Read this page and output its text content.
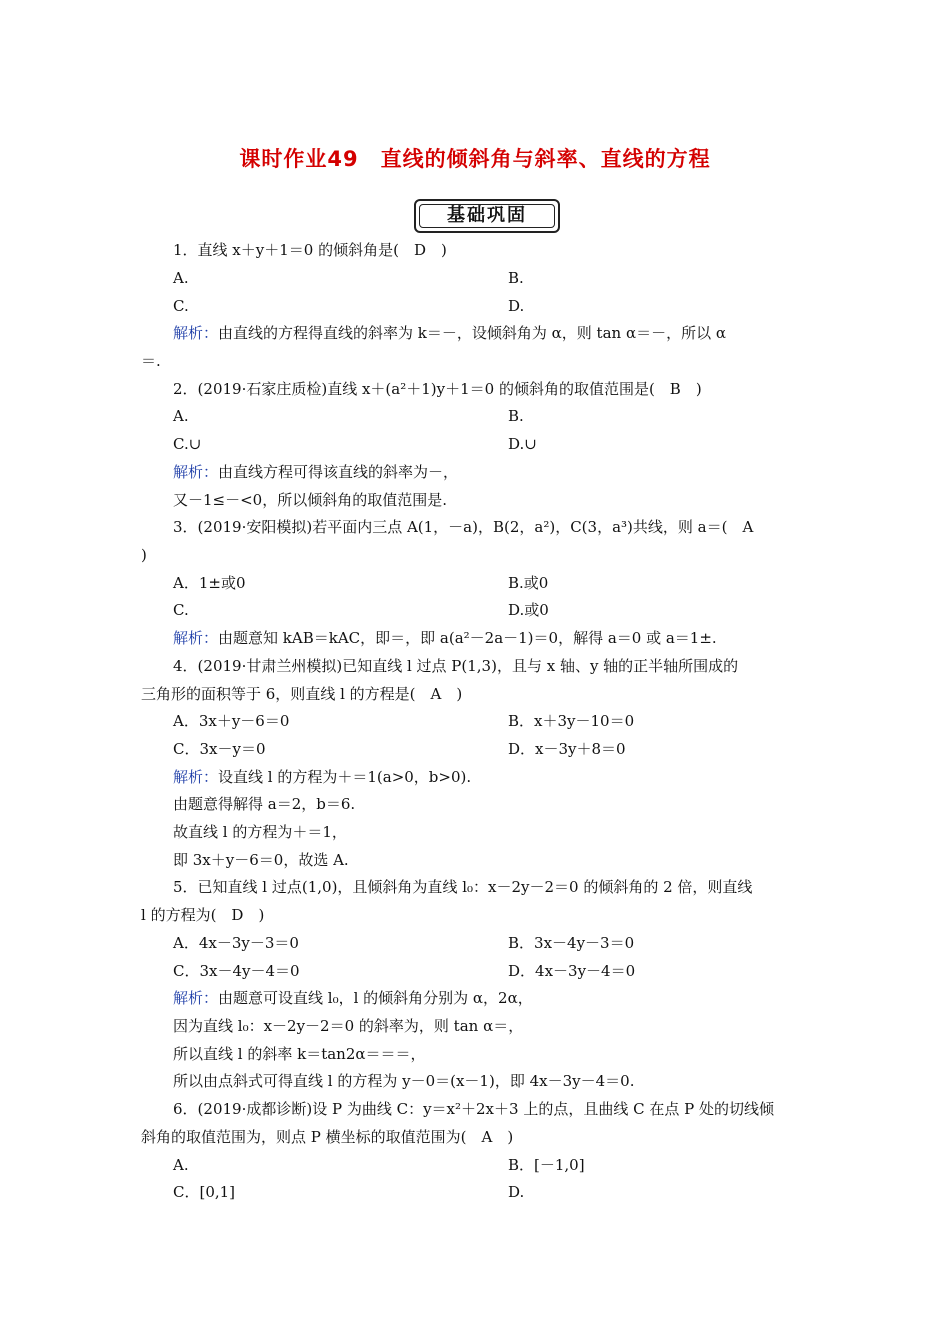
课时作业49　直线的倾斜角与斜率、直线的方程
基础巩固
1．直线 x＋y＋1＝0 的倾斜角是(　D　)
A.	B.
C.	D.
解析：由直线的方程得直线的斜率为 k＝－，设倾斜角为 α，则 tan α＝－，所以 α
＝.
2．(2019·石家庄质检)直线 x＋(a²＋1)y＋1＝0 的倾斜角的取值范围是(　B　)
A.	B.
C.∪	D.∪
解析：由直线方程可得该直线的斜率为－，
又－1≤－<0，所以倾斜角的取值范围是.
3．(2019·安阳模拟)若平面内三点 A(1，－a)，B(2，a²)，C(3，a³)共线，则 a＝(　A
)
A．1±或0	B.或0
C.	D.或0
解析：由题意知 kAB＝kAC，即＝，即 a(a²－2a－1)＝0，解得 a＝0 或 a＝1±.
4．(2019·甘肃兰州模拟)已知直线 l 过点 P(1,3)，且与 x 轴、y 轴的正半轴所围成的
三角形的面积等于 6，则直线 l 的方程是(　A　)
A．3x＋y－6＝0	B．x＋3y－10＝0
C．3x－y＝0	D．x－3y＋8＝0
解析：设直线 l 的方程为＋＝1(a>0，b>0).
由题意得解得 a＝2，b＝6.
故直线 l 的方程为＋＝1，
即 3x＋y－6＝0，故选 A.
5．已知直线 l 过点(1,0)，且倾斜角为直线 l₀：x－2y－2＝0 的倾斜角的 2 倍，则直线
l 的方程为(　D　)
A．4x－3y－3＝0	B．3x－4y－3＝0
C．3x－4y－4＝0	D．4x－3y－4＝0
解析：由题意可设直线 l₀，l 的倾斜角分别为 α，2α，
因为直线 l₀：x－2y－2＝0 的斜率为，则 tan α＝，
所以直线 l 的斜率 k＝tan2α＝＝＝，
所以由点斜式可得直线 l 的方程为 y－0＝(x－1)，即 4x－3y－4＝0.
6．(2019·成都诊断)设 P 为曲线 C：y＝x²＋2x＋3 上的点，且曲线 C 在点 P 处的切线倾
斜角的取值范围为，则点 P 横坐标的取值范围为(　A　)
A.	B．[－1,0]
C．[0,1]	D.
